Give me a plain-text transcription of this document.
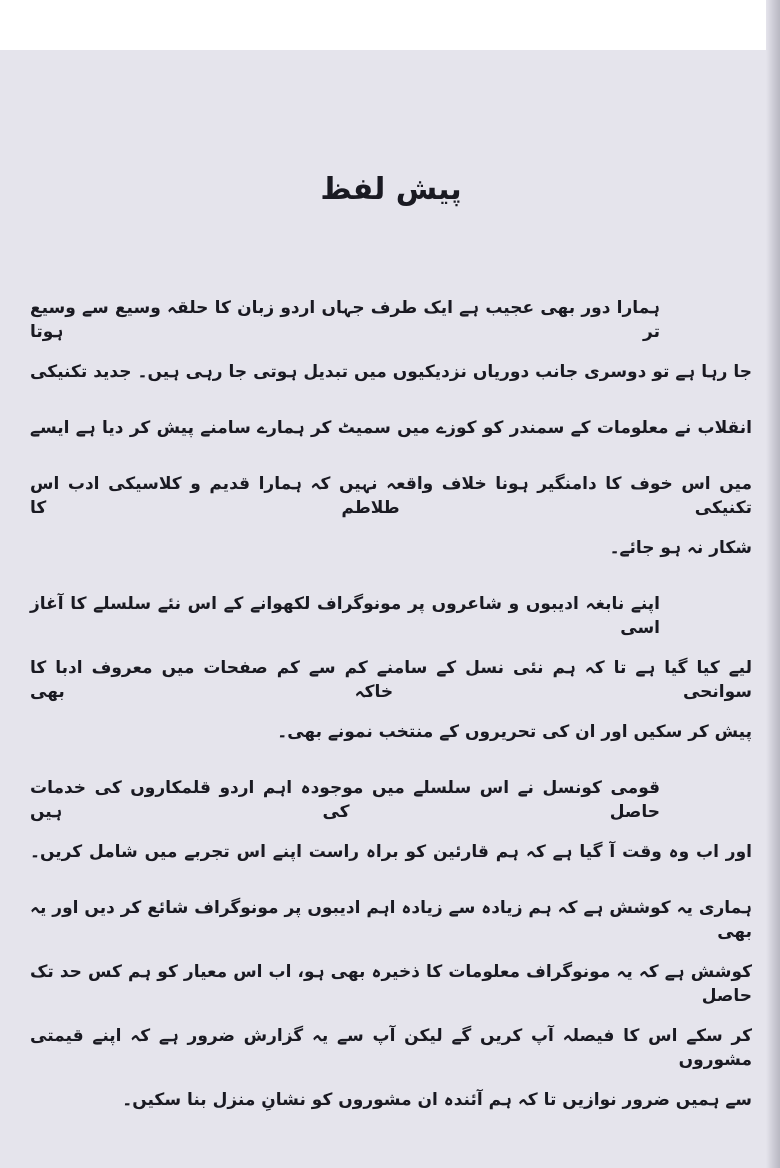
پیش لفظ
ہمارا دور بھی عجیب ہے ایک طرف جہاں اردو زبان کا حلقہ وسیع سے وسیع تر ہوتا
جا رہا ہے تو دوسری جانب دوریاں نزدیکیوں میں تبدیل ہوتی جا رہی ہیں۔ جدید تکنیکی
انقلاب نے معلومات کے سمندر کو کوزے میں سمیٹ کر ہمارے سامنے پیش کر دیا ہے ایسے
میں اس خوف کا دامنگیر ہونا خلاف واقعہ نہیں کہ ہمارا قدیم و کلاسیکی ادب اس تکنیکی طلاطم کا
شکار نہ ہو جائے۔
اپنے نابغہ ادیبوں و شاعروں پر مونوگراف لکھوانے کے اس نئے سلسلے کا آغاز اسی
لیے کیا گیا ہے تا کہ ہم نئی نسل کے سامنے کم سے کم صفحات میں معروف ادبا کا سوانحی خاکہ بھی
پیش کر سکیں اور ان کی تحریروں کے منتخب نمونے بھی۔
قومی کونسل نے اس سلسلے میں موجودہ اہم اردو قلمکاروں کی خدمات حاصل کی ہیں
اور اب وہ وقت آ گیا ہے کہ ہم قارئین کو براہ راست اپنے اس تجربے میں شامل کریں۔
ہماری یہ کوشش ہے کہ ہم زیادہ سے زیادہ اہم ادیبوں پر مونوگراف شائع کر دیں اور یہ بھی
کوشش ہے کہ یہ مونوگراف معلومات کا ذخیرہ بھی ہو، اب اس معیار کو ہم کس حد تک حاصل
کر سکے اس کا فیصلہ آپ کریں گے لیکن آپ سے یہ گزارش ضرور ہے کہ اپنے قیمتی مشوروں
سے ہمیں ضرور نوازیں تا کہ ہم آئندہ ان مشوروں کو نشانِ منزل بنا سکیں۔
